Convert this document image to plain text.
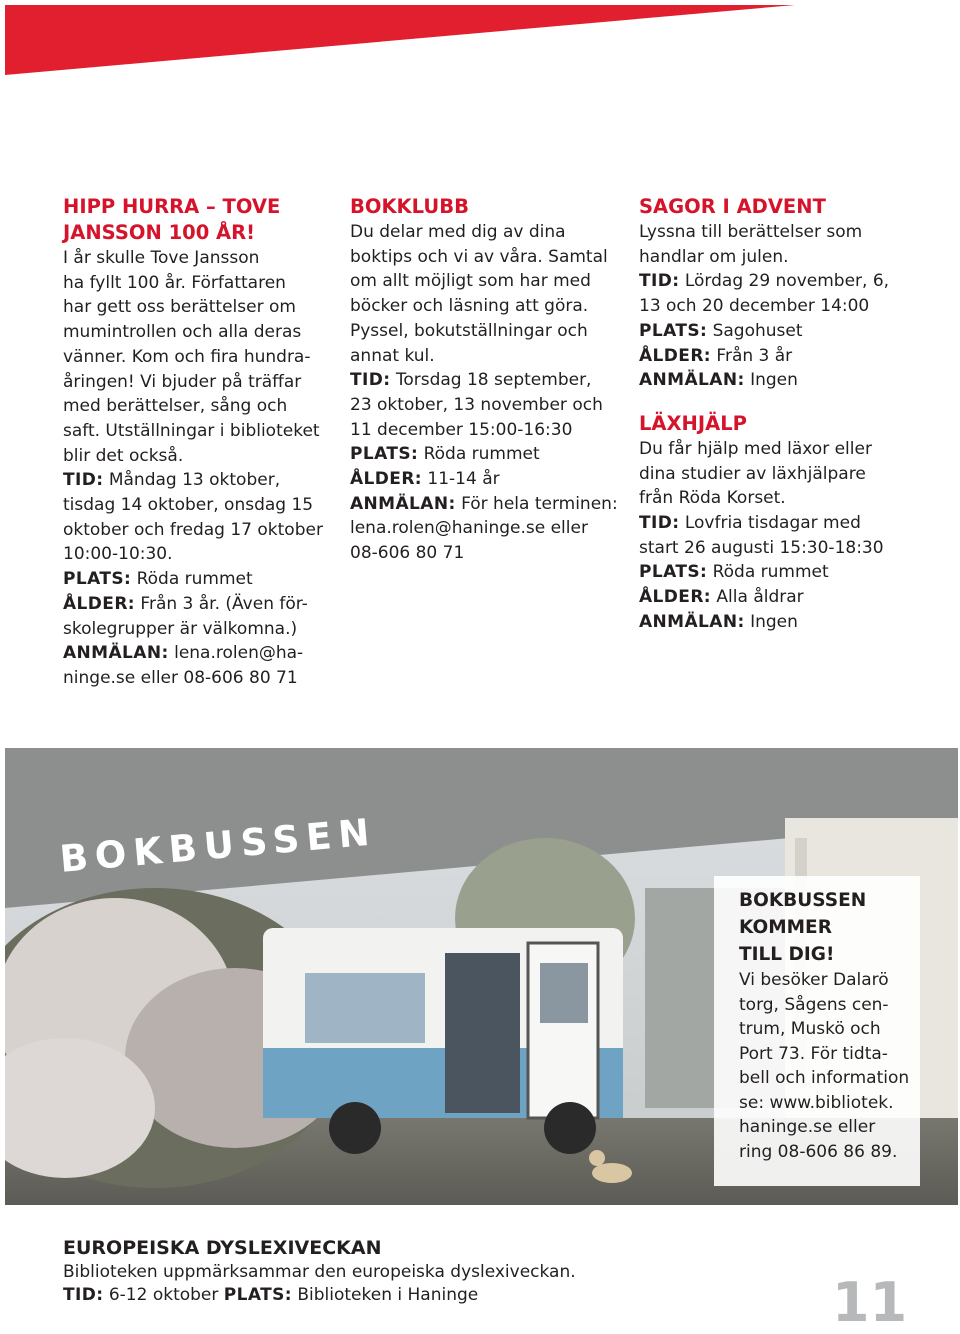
HIPP HURRA – TOVE

JANSSON 100 ÅR!

I år skulle Tove Jansson

ha fyllt 100 år. Författaren

har gett oss berättelser om

mumintrollen och alla deras

vänner. Kom och fira hundra-

åringen! Vi bjuder på träffar

med berättelser, sång och

saft. Utställningar i biblioteket

blir det också.

TID: Måndag 13 oktober,

tisdag 14 oktober, onsdag 15

oktober och fredag 17 oktober

10:00-10:30.

PLATS: Röda rummet

ÅLDER: Från 3 år. (Även för-

skolegrupper är välkomna.)

ANMÄLAN: lena.rolen@ha-

ninge.se eller 08-606 80 71

BOKKLUBB

Du delar med dig av dina

boktips och vi av våra. Samtal

om allt möjligt som har med

böcker och läsning att göra.

Pyssel, bokutställningar och

annat kul.

TID: Torsdag 18 september,

23 oktober, 13 november och

11 december 15:00-16:30

PLATS: Röda rummet

ÅLDER: 11-14 år

ANMÄLAN: För hela terminen:

lena.rolen@haninge.se eller

08-606 80 71

SAGOR I ADVENT

Lyssna till berättelser som

handlar om julen.

TID: Lördag 29 november, 6,

13 och 20 december 14:00

PLATS: Sagohuset

ÅLDER: Från 3 år

ANMÄLAN: Ingen

LÄXHJÄLP

Du får hjälp med läxor eller

dina studier av läxhjälpare

från Röda Korset.

TID: Lovfria tisdagar med

start 26 augusti 15:30-18:30

PLATS: Röda rummet

ÅLDER: Alla åldrar

ANMÄLAN: Ingen

BOKBUSSEN
BOKBUSSEN
KOMMER
TILL DIG!
Vi besöker Dalarö
torg, Sågens cen-
trum, Muskö och
Port 73. För tidta-
bell och information
se: www.bibliotek.
haninge.se eller
ring 08-606 86 89.
EUROPEISKA DYSLEXIVECKAN
Biblioteken uppmärksammar den europeiska dyslexiveckan.
TID: 6-12 oktober PLATS: Biblioteken i Haninge	11
